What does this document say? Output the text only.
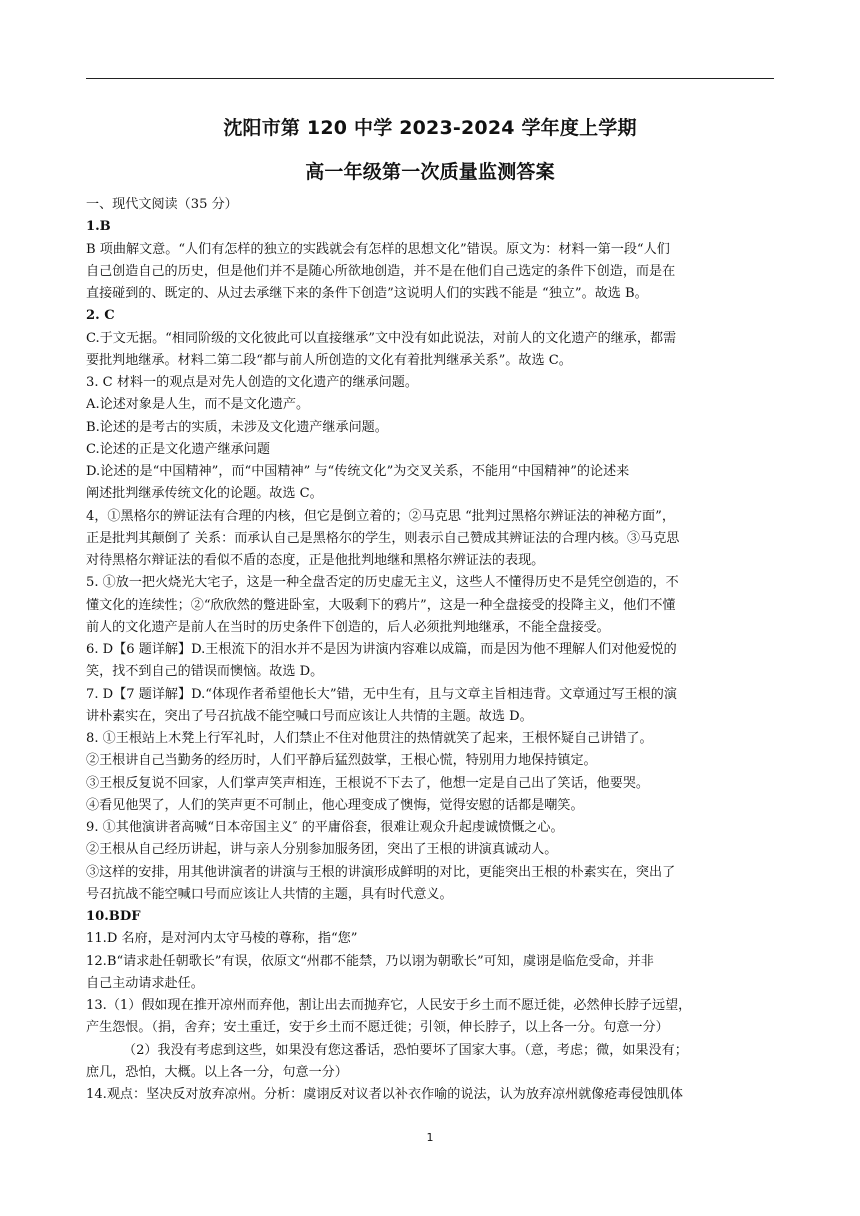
沈阳市第 120 中学 2023-2024 学年度上学期
高一年级第一次质量监测答案
一、现代文阅读（35 分）
1.B
B 项曲解文意。“人们有怎样的独立的实践就会有怎样的思想文化”错误。原文为：材料一第一段“人们
自己创造自己的历史，但是他们并不是随心所欲地创造，并不是在他们自己选定的条件下创造，而是在
直接碰到的、既定的、从过去承继下来的条件下创造”这说明人们的实践不能是 “独立”。故选 B。
2. C
C.于文无据。“相同阶级的文化彼此可以直接继承”文中没有如此说法，对前人的文化遗产的继承，都需
要批判地继承。材料二第二段“都与前人所创造的文化有着批判继承关系”。故选 C。
3. C 材料一的观点是对先人创造的文化遗产的继承问题。
A.论述对象是人生，而不是文化遗产。
B.论述的是考古的实质，未涉及文化遗产继承问题。
C.论述的正是文化遗产继承问题
D.论述的是“中国精神”，而“中国精神” 与“传统文化”为交叉关系，不能用“中国精神”的论述来
阐述批判继承传统文化的论题。故选 C。
4，①黑格尔的辨证法有合理的内核，但它是倒立着的；②马克思 “批判过黑格尔辨证法的神秘方面”，
正是批判其颠倒了 关系：而承认自己是黑格尔的学生，则表示自己赞成其辨证法的合理内核。③马克思
对待黑格尔辩证法的看似不盾的态度，正是他批判地继和黑格尔辨证法的表现。
5. ①放一把火烧光大宅子，这是一种全盘否定的历史虚无主义，这些人不懂得历史不是凭空创造的，不
懂文化的连续性；②“欣欣然的蹩进卧室，大吸剩下的鸦片”，这是一种全盘接受的投降主义，他们不懂
前人的文化遗产是前人在当时的历史条件下创造的，后人必须批判地继承，不能全盘接受。
6. D【6 题详解】D.王根流下的泪水并不是因为讲演内容难以成篇，而是因为他不理解人们对他爱悦的
笑，找不到自己的错误而懊恼。故选 D。
7. D【7 题详解】D.“体现作者希望他长大”错，无中生有，且与文章主旨相违背。文章通过写王根的演
讲朴素实在，突出了号召抗战不能空喊口号而应该让人共情的主题。故选 D。
8. ①王根站上木凳上行军礼时，人们禁止不住对他贯注的热情就笑了起来，王根怀疑自己讲错了。
②王根讲自己当勤务的经历时，人们平静后猛烈鼓掌，王根心慌，特别用力地保持镇定。
③王根反复说不回家，人们掌声笑声相连，王根说不下去了，他想一定是自己出了笑话，他要哭。
④看见他哭了，人们的笑声更不可制止，他心理变成了懊悔，觉得安慰的话都是嘲笑。
9. ①其他演讲者高喊“日本帝国主义″ 的平庸俗套，很难让观众升起虔诚愤慨之心。
②王根从自己经历讲起，讲与亲人分别参加服务团，突出了王根的讲演真诚动人。
③这样的安排，用其他讲演者的讲演与王根的讲演形成鲜明的对比，更能突出王根的朴素实在，突出了
号召抗战不能空喊口号而应该让人共情的主题，具有时代意义。
10.BDF
11.D 名府，是对河内太守马棱的尊称，指“您”
12.B“请求赴任朝歌长”有误，依原文“州郡不能禁，乃以诩为朝歌长”可知，虞诩是临危受命，并非
自己主动请求赴任。
13.（1）假如现在推开凉州而弃他，割让出去而抛弃它，人民安于乡土而不愿迁徙，必然伸长脖子远望，
产生怨恨。（捐，舍弃；安土重迁，安于乡土而不愿迁徙；引领，伸长脖子，以上各一分。句意一分）
（2）我没有考虑到这些，如果没有您这番话，恐怕要坏了国家大事。（意，考虑；微，如果没有；
庶几，恐怕，大概。以上各一分，句意一分）
14.观点：坚决反对放弃凉州。分析：虞诩反对议者以补衣作喻的说法，认为放弃凉州就像疮毒侵蚀肌体
1
